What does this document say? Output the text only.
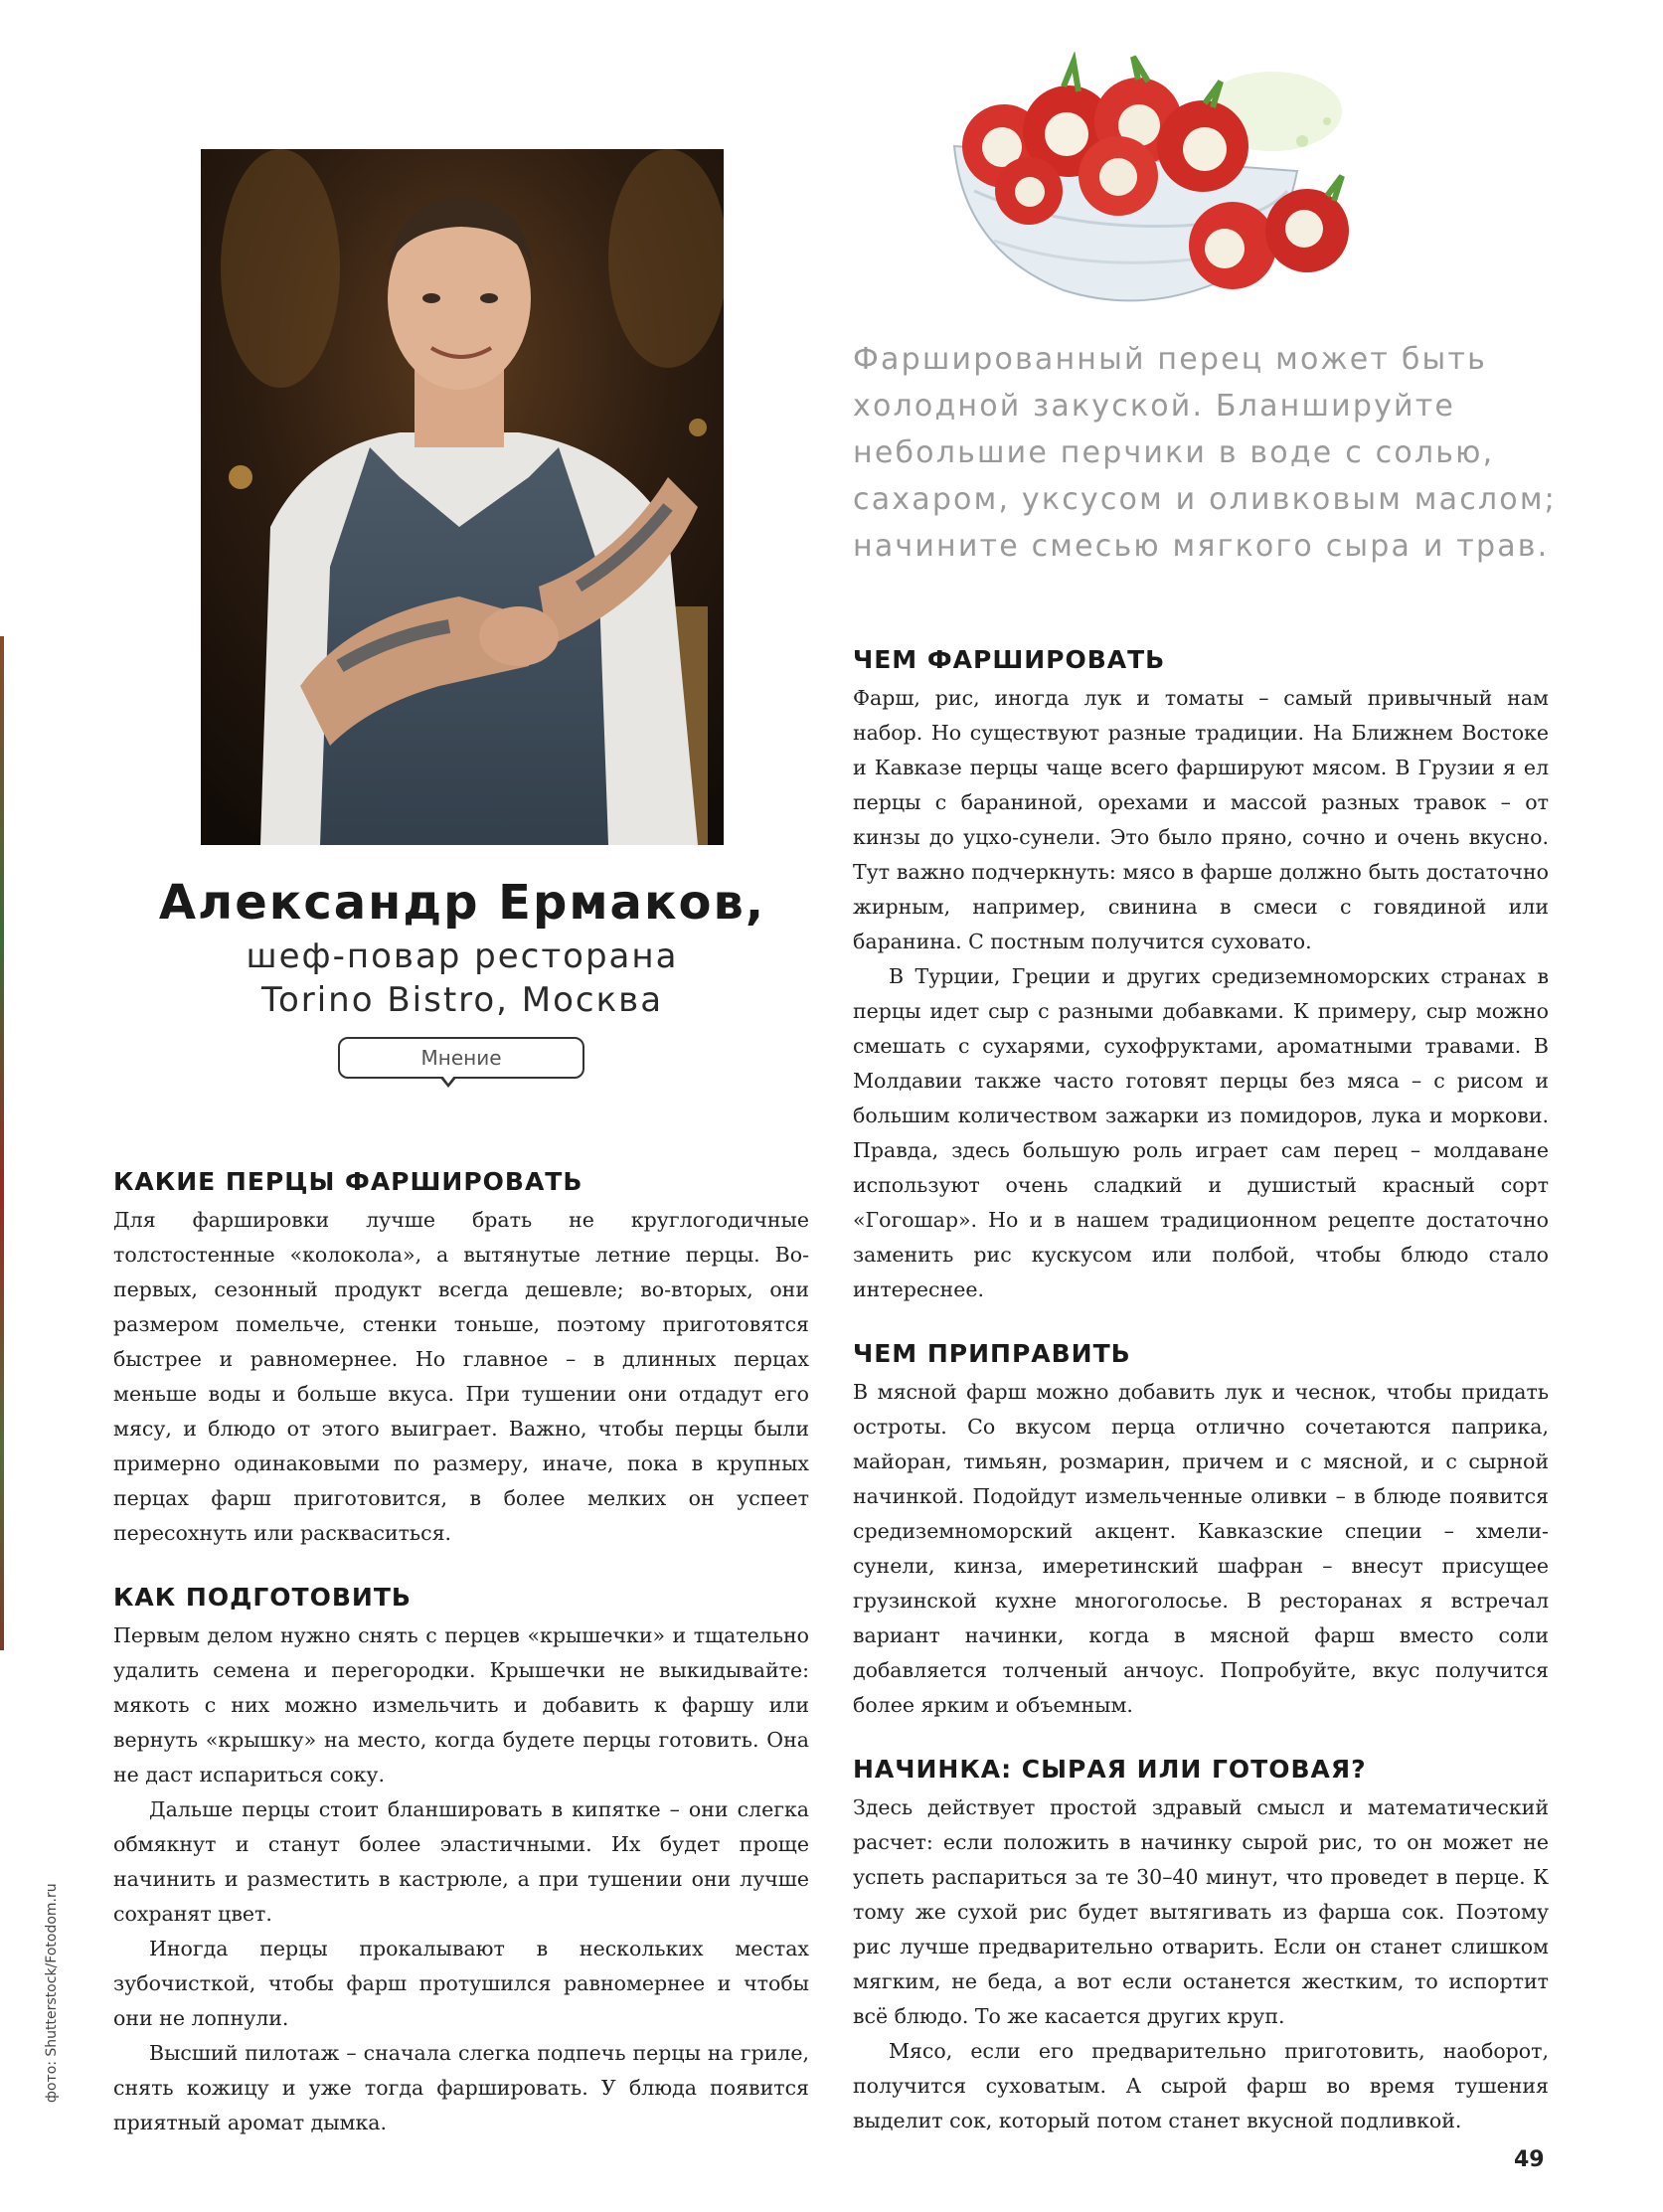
Александр Ермаков,
шеф-повар ресторана
Torino Bistro, Москва
Мнение

Фаршированный перец может быть холодной закуской. Бланшируйте небольшие перчики в воде с солью, сахаром, уксусом и оливковым маслом; начините смесью мягкого сыра и трав.

КАКИЕ ПЕРЦЫ ФАРШИРОВАТЬ

Для фаршировки лучше брать не круглогодичные толстостенные «колокола», а вытянутые летние перцы. Во-первых, сезонный продукт всегда дешевле; во-вторых, они размером помельче, стенки тоньше, поэтому приготовятся быстрее и равномернее. Но главное – в длинных перцах меньше воды и больше вкуса. При тушении они отдадут его мясу, и блюдо от этого выиграет. Важно, чтобы перцы были примерно одинаковыми по размеру, иначе, пока в крупных перцах фарш приготовится, в более мелких он успеет пересохнуть или раскваситься.

КАК ПОДГОТОВИТЬ

Первым делом нужно снять с перцев «крышечки» и тщательно удалить семена и перегородки. Крышечки не выкидывайте: мякоть с них можно измельчить и добавить к фаршу или вернуть «крышку» на место, когда будете перцы готовить. Она не даст испариться соку.

Дальше перцы стоит бланшировать в кипятке – они слегка обмякнут и станут более эластичными. Их будет проще начинить и разместить в кастрюле, а при тушении они лучше сохранят цвет.

Иногда перцы прокалывают в нескольких местах зубочисткой, чтобы фарш протушился равномернее и чтобы они не лопнули.

Высший пилотаж – сначала слегка подпечь перцы на гриле, снять кожицу и уже тогда фаршировать. У блюда появится приятный аромат дымка.

ЧЕМ ФАРШИРОВАТЬ

Фарш, рис, иногда лук и томаты – самый привычный нам набор. Но существуют разные традиции. На Ближнем Востоке и Кавказе перцы чаще всего фаршируют мясом. В Грузии я ел перцы с бараниной, орехами и массой разных травок – от кинзы до уцхо-сунели. Это было пряно, сочно и очень вкусно. Тут важно подчеркнуть: мясо в фарше должно быть достаточно жирным, например, свинина в смеси с говядиной или баранина. С постным получится суховато.

В Турции, Греции и других средиземноморских странах в перцы идет сыр с разными добавками. К примеру, сыр можно смешать с сухарями, сухофруктами, ароматными травами. В Молдавии также часто готовят перцы без мяса – с рисом и большим количеством зажарки из помидоров, лука и моркови. Правда, здесь большую роль играет сам перец – молдаване используют очень сладкий и душистый красный сорт «Гогошар». Но и в нашем традиционном рецепте достаточно заменить рис кускусом или полбой, чтобы блюдо стало интереснее.

ЧЕМ ПРИПРАВИТЬ

В мясной фарш можно добавить лук и чеснок, чтобы придать остроты. Со вкусом перца отлично сочетаются паприка, майоран, тимьян, розмарин, причем и с мясной, и с сырной начинкой. Подойдут измельченные оливки – в блюде появится средиземноморский акцент. Кавказские специи – хмели-сунели, кинза, имеретинский шафран – внесут присущее грузинской кухне многоголосье. В ресторанах я встречал вариант начинки, когда в мясной фарш вместо соли добавляется толченый анчоус. Попробуйте, вкус получится более ярким и объемным.

НАЧИНКА: СЫРАЯ ИЛИ ГОТОВАЯ?

Здесь действует простой здравый смысл и математический расчет: если положить в начинку сырой рис, то он может не успеть распариться за те 30–40 минут, что проведет в перце. К тому же сухой рис будет вытягивать из фарша сок. Поэтому рис лучше предварительно отварить. Если он станет слишком мягким, не беда, а вот если останется жестким, то испортит всё блюдо. То же касается других круп.

Мясо, если его предварительно приготовить, наоборот, получится суховатым. А сырой фарш во время тушения выделит сок, который потом станет вкусной подливкой.

фото: Shutterstock/Fotodom.ru
49
